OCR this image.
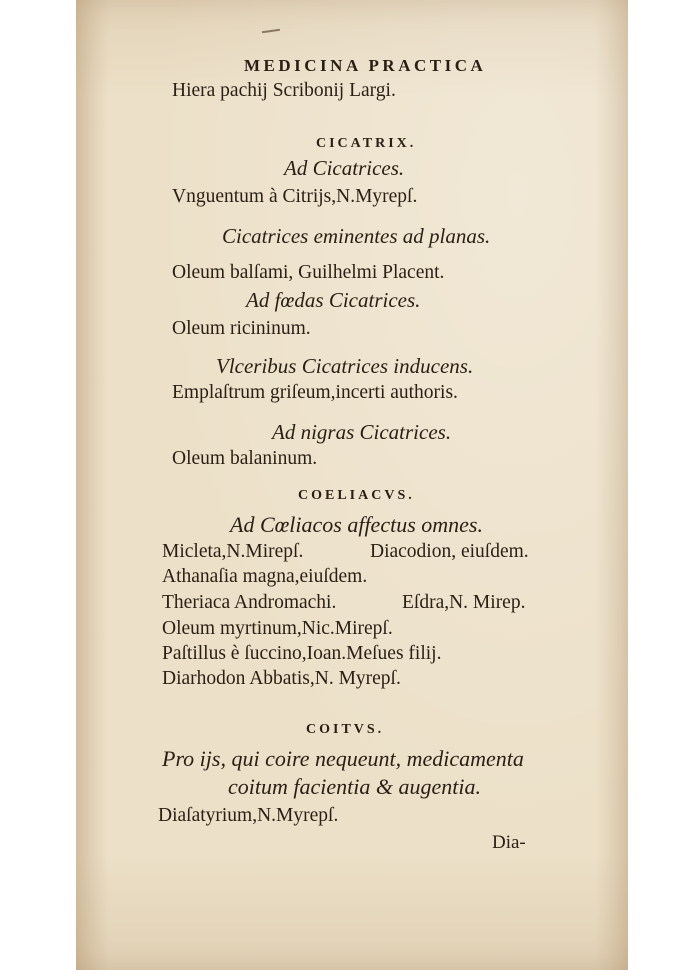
MEDICINA PRACTICA
Hiera pachij Scribonij Largi.
CICATRIX.
Ad Cicatrices.
Vnguentum à Citrijs,N.Myrepſ.
Cicatrices eminentes ad planas.
Oleum balſami, Guilhelmi Placent.
Ad fœdas Cicatrices.
Oleum ricininum.
Vlceribus Cicatrices inducens.
Emplaſtrum griſeum,incerti authoris.
Ad nigras Cicatrices.
Oleum balaninum.
COELIACVS.
Ad Cœliacos affectus omnes.
Micleta,N.Mirepſ.	Diacodion, eiuſdem.
Athanaſia magna,eiuſdem.
Theriaca Andromachi.	Eſdra,N. Mirep.
Oleum myrtinum,Nic.Mirepſ.
Paſtillus è ſuccino,Ioan.Meſues filij.
Diarhodon Abbatis,N. Myrepſ.
COITVS.
Pro ijs, qui coire nequeunt, medicamenta
coitum facientia & augentia.
Diaſatyrium,N.Myrepſ.
Dia-
